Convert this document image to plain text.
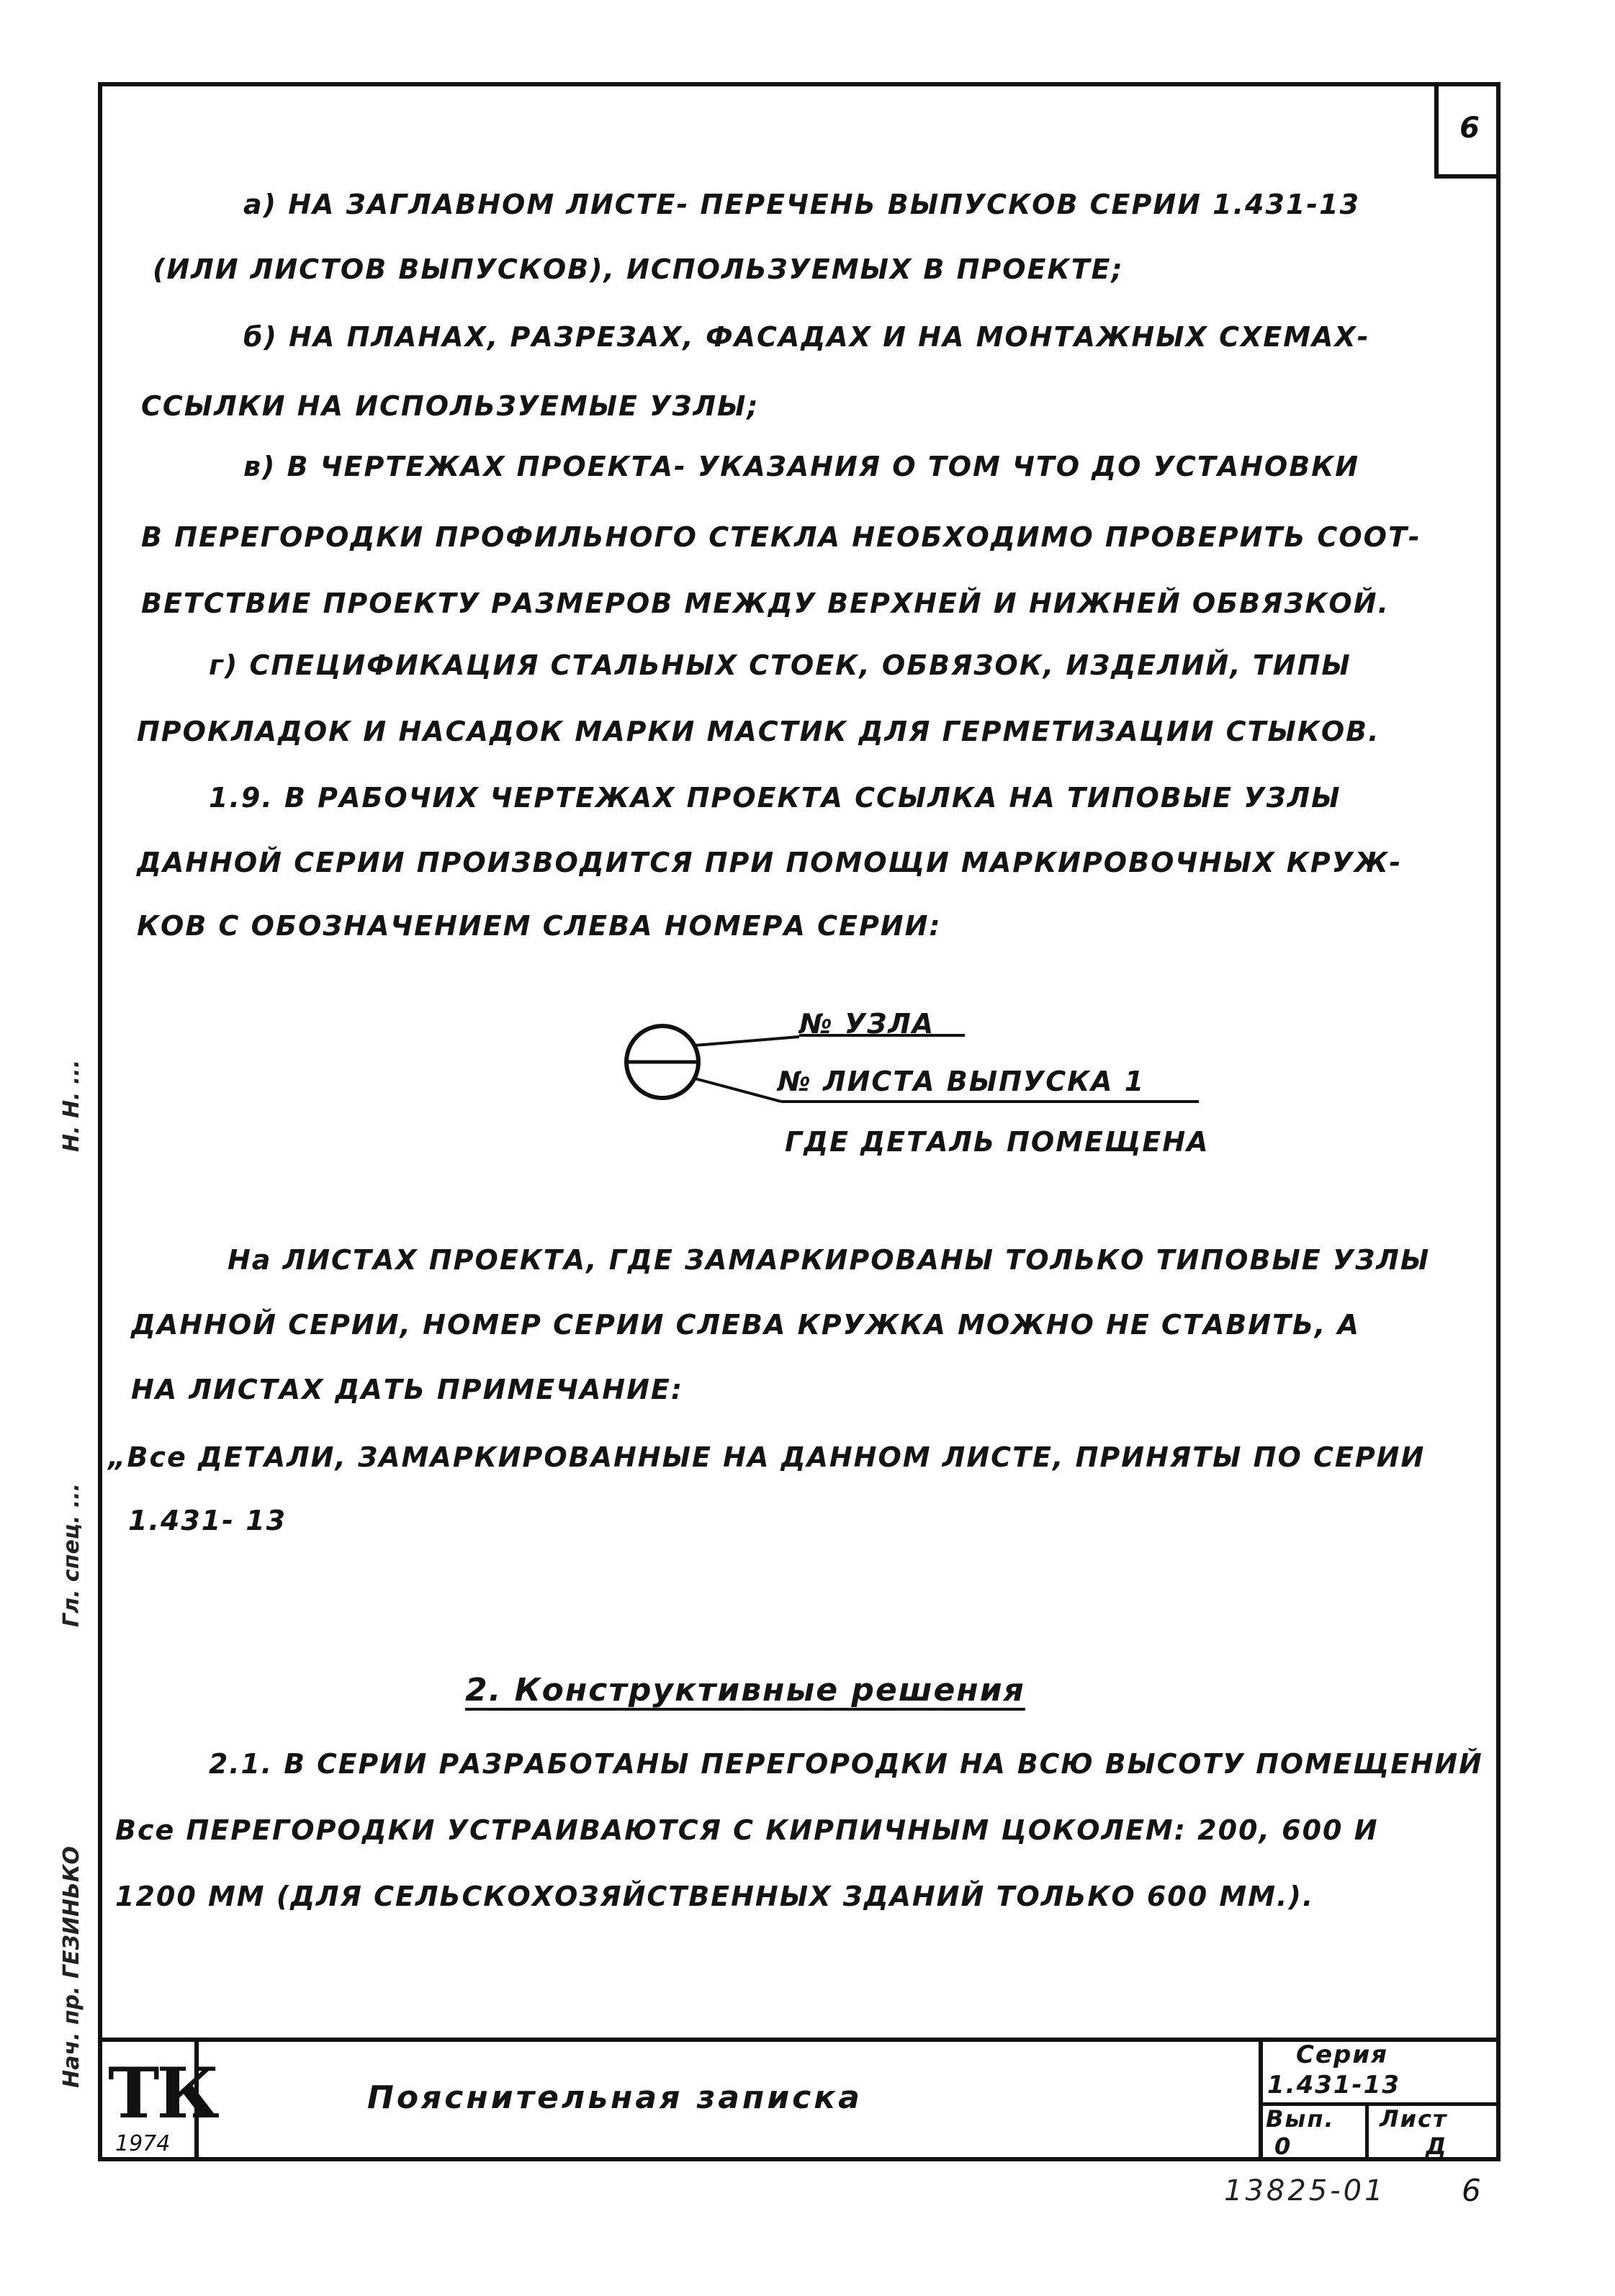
6
Нач. пр. ГЕЗИНЬКО
Гл. спец. ...
Н. Н. ...
а) НА ЗАГЛАВНОМ ЛИСТЕ- ПЕРЕЧЕНЬ ВЫПУСКОВ СЕРИИ 1.431-13
(ИЛИ ЛИСТОВ ВЫПУСКОВ), ИСПОЛЬЗУЕМЫХ В ПРОЕКТЕ;
б) НА ПЛАНАХ, РАЗРЕЗАХ, ФАСАДАХ И НА МОНТАЖНЫХ СХЕМАХ-
ССЫЛКИ НА ИСПОЛЬЗУЕМЫЕ УЗЛЫ;
в) В ЧЕРТЕЖАХ ПРОЕКТА- УКАЗАНИЯ О ТОМ ЧТО ДО УСТАНОВКИ
В ПЕРЕГОРОДКИ ПРОФИЛЬНОГО СТЕКЛА НЕОБХОДИМО ПРОВЕРИТЬ СООТ-
ВЕТСТВИЕ ПРОЕКТУ РАЗМЕРОВ МЕЖДУ ВЕРХНЕЙ И НИЖНЕЙ ОБВЯЗКОЙ.
г) СПЕЦИФИКАЦИЯ СТАЛЬНЫХ СТОЕК, ОБВЯЗОК, ИЗДЕЛИЙ, ТИПЫ
ПРОКЛАДОК И НАСАДОК МАРКИ МАСТИК ДЛЯ ГЕРМЕТИЗАЦИИ СТЫКОВ.
1.9. В РАБОЧИХ ЧЕРТЕЖАХ ПРОЕКТА ССЫЛКА НА ТИПОВЫЕ УЗЛЫ
ДАННОЙ СЕРИИ ПРОИЗВОДИТСЯ ПРИ ПОМОЩИ МАРКИРОВОЧНЫХ КРУЖ-
КОВ С ОБОЗНАЧЕНИЕМ СЛЕВА НОМЕРА СЕРИИ:
№ УЗЛА
№ ЛИСТА ВЫПУСКА 1
ГДЕ ДЕТАЛЬ ПОМЕЩЕНА
На ЛИСТАХ ПРОЕКТА, ГДЕ ЗАМАРКИРОВАНЫ ТОЛЬКО ТИПОВЫЕ УЗЛЫ
ДАННОЙ СЕРИИ, НОМЕР СЕРИИ СЛЕВА КРУЖКА МОЖНО НЕ СТАВИТЬ, А
НА ЛИСТАХ ДАТЬ ПРИМЕЧАНИЕ:
„Все ДЕТАЛИ, ЗАМАРКИРОВАННЫЕ НА ДАННОМ ЛИСТЕ, ПРИНЯТЫ ПО СЕРИИ
1.431- 13
2. Конструктивные решения
2.1. В СЕРИИ РАЗРАБОТАНЫ ПЕРЕГОРОДКИ НА ВСЮ ВЫСОТУ ПОМЕЩЕНИЙ
Все ПЕРЕГОРОДКИ УСТРАИВАЮТСЯ С КИРПИЧНЫМ ЦОКОЛЕМ: 200, 600 И
1200 ММ (ДЛЯ СЕЛЬСКОХОЗЯЙСТВЕННЫХ ЗДАНИЙ ТОЛЬКО 600 ММ.).
ТК
1974
Пояснительная записка
Серия
1.431-13
Вып.
0
Лист
Д
13825-01	6
